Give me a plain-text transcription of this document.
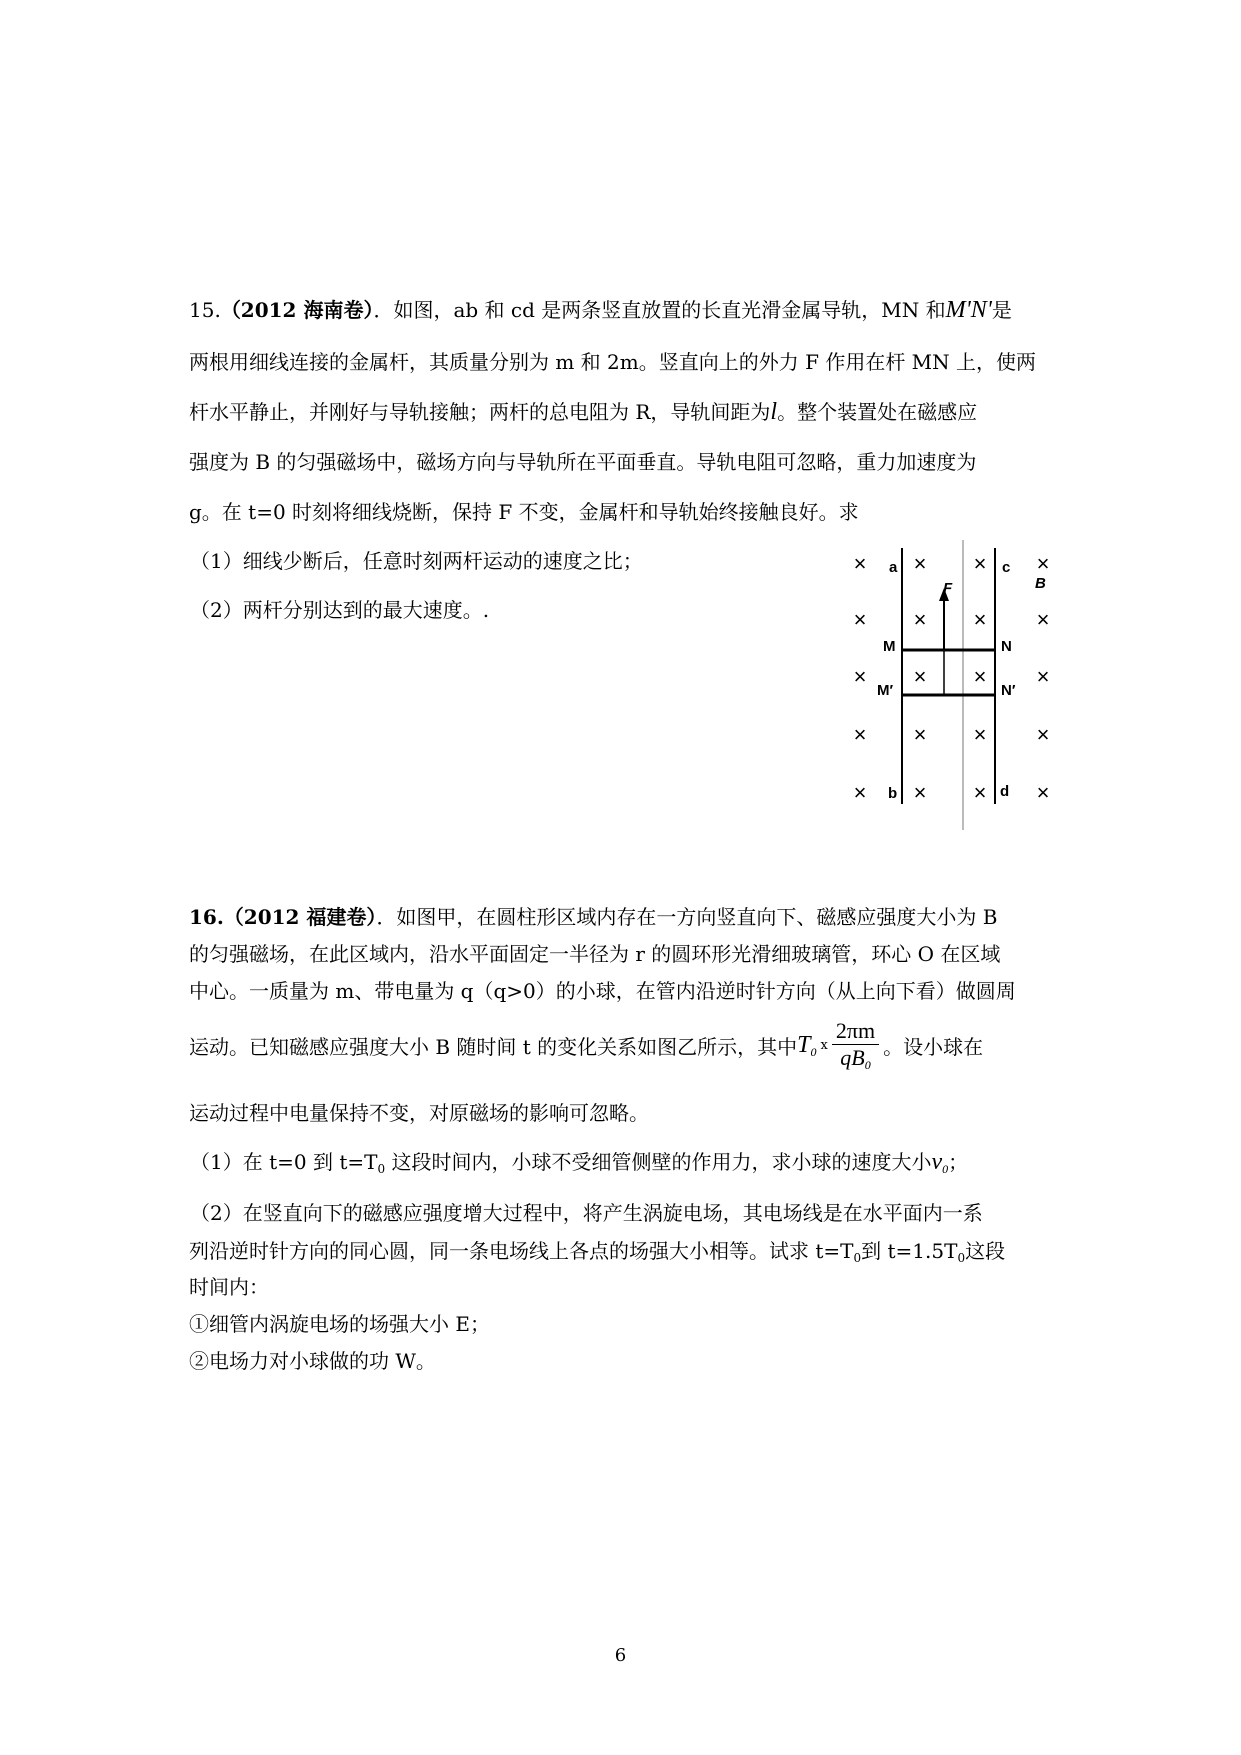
15.（2012 海南卷）．如图，ab 和 cd 是两条竖直放置的长直光滑金属导轨，MN 和M'N'是
两根用细线连接的金属杆，其质量分别为 m 和 2m。竖直向上的外力 F 作用在杆 MN 上，使两
杆水平静止，并刚好与导轨接触；两杆的总电阻为 R，导轨间距为l。整个装置处在磁感应
强度为 B 的匀强磁场中，磁场方向与导轨所在平面垂直。导轨电阻可忽略，重力加速度为
g。在 t=0 时刻将细线烧断，保持 F 不变，金属杆和导轨始终接触良好。求
（1）细线少断后，任意时刻两杆运动的速度之比；
（2）两杆分别达到的最大速度。.
× × × ×
× × × ×
× × × ×
× × × ×
× × × ×
a
b
c
d
F	B
M	N
M′	N′
16.（2012 福建卷）．如图甲，在圆柱形区域内存在一方向竖直向下、磁感应强度大小为 B
的匀强磁场，在此区域内，沿水平面固定一半径为 r 的圆环形光滑细玻璃管，环心 O 在区域
中心。一质量为 m、带电量为 q（q>0）的小球，在管内沿逆时针方向（从上向下看）做圆周
运动。已知磁感应强度大小 B 随时间 t 的变化关系如图乙所示，其中$T_0$ ⅹ $\frac{2\pi m}{qB_0}$ 。设小球在
运动过程中电量保持不变，对原磁场的影响可忽略。
（1）在 t=0 到 $t=T_0$ 这段时间内，小球不受细管侧壁的作用力，求小球的速度大小$v_0$；
（2）在竖直向下的磁感应强度增大过程中，将产生涡旋电场，其电场线是在水平面内一系
列沿逆时针方向的同心圆，同一条电场线上各点的场强大小相等。试求 $t=T_0$到 $t=1.5T_0$这段
时间内：
①细管内涡旋电场的场强大小 E；
②电场力对小球做的功 W。
6
